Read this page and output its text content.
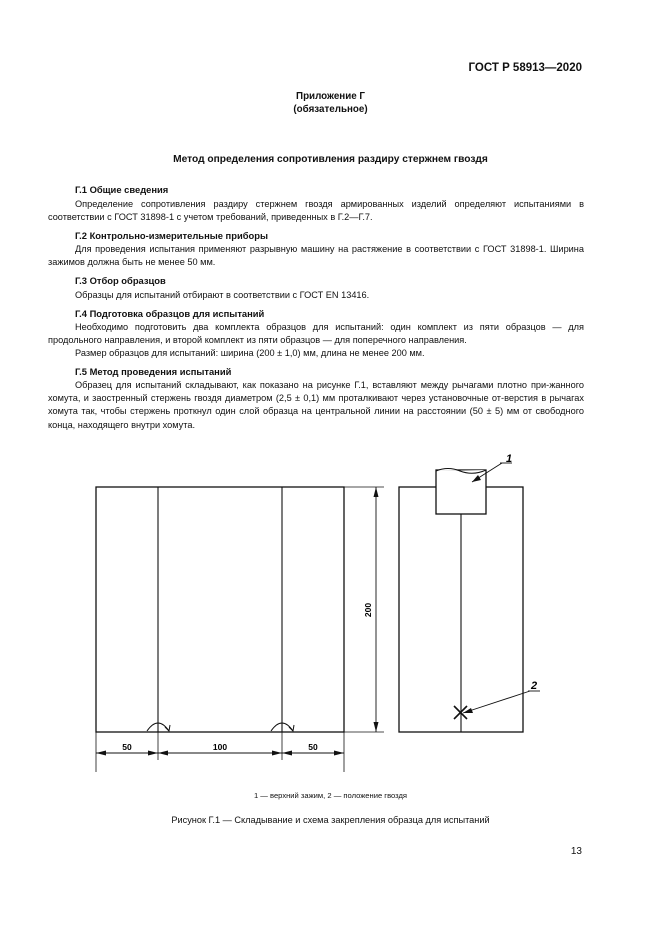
ГОСТ Р 58913—2020
Приложение Г
(обязательное)
Метод определения сопротивления раздиру стержнем гвоздя
Г.1 Общие сведения
Определение сопротивления раздиру стержнем гвоздя армированных изделий определяют испытаниями в соответствии с ГОСТ 31898-1 с учетом требований, приведенных в Г.2—Г.7.
Г.2 Контрольно-измерительные приборы
Для проведения испытания применяют разрывную машину на растяжение в соответствии с ГОСТ 31898-1. Ширина зажимов должна быть не менее 50 мм.
Г.3 Отбор образцов
Образцы для испытаний отбирают в соответствии с ГОСТ EN 13416.
Г.4 Подготовка образцов для испытаний
Необходимо подготовить два комплекта образцов для испытаний: один комплект из пяти образцов — для продольного направления, и второй комплект из пяти образцов — для поперечного направления.
Размер образцов для испытаний: ширина (200 ± 1,0) мм, длина не менее 200 мм.
Г.5 Метод проведения испытаний
Образец для испытаний складывают, как показано на рисунке Г.1, вставляют между рычагами плотно при-жанного хомута, и заостренный стержень гвоздя диаметром (2,5 ± 0,1) мм проталкивают через установочные от-верстия в рычагах хомута так, чтобы стержень проткнул один слой образца на центральной линии на расстоянии (50 ± 5) мм от свободного конца, находящего внутри хомута.
50	100	50
200
1
2
1 — верхний зажим, 2 — положение гвоздя
Рисунок Г.1 — Складывание и схема закрепления образца для испытаний
13
